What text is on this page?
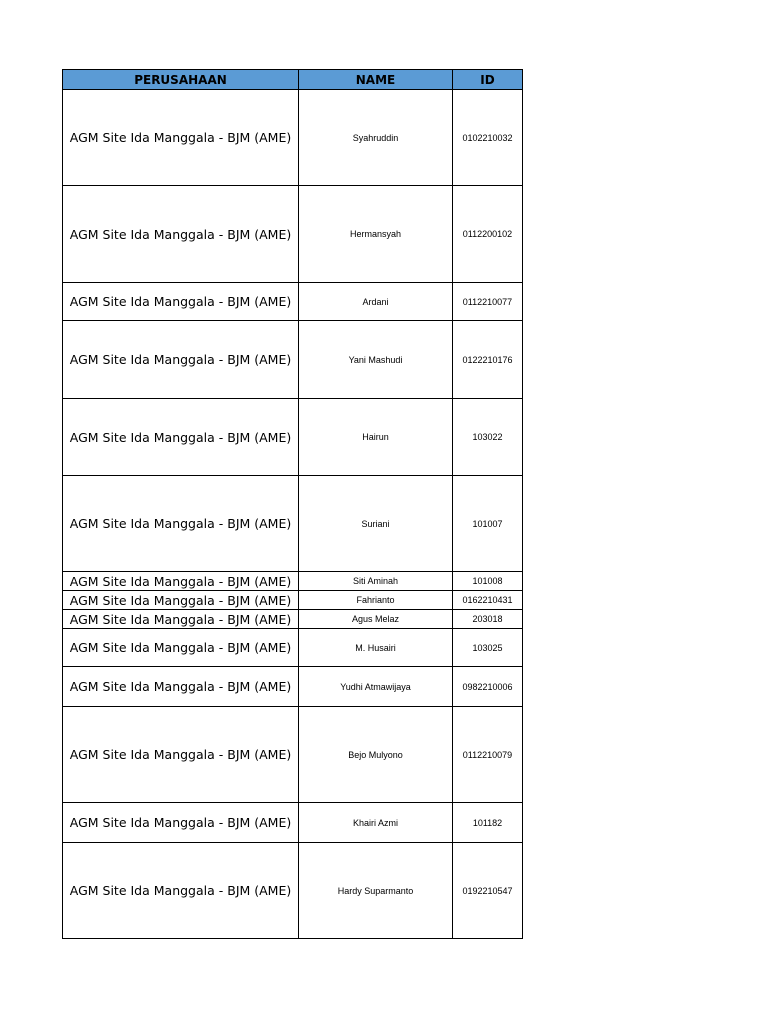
PERUSAHAAN	NAME	ID
AGM Site Ida Manggala - BJM (AME)	Syahruddin	0102210032
AGM Site Ida Manggala - BJM (AME)	Hermansyah	0112200102
AGM Site Ida Manggala - BJM (AME)	Ardani	0112210077
AGM Site Ida Manggala - BJM (AME)	Yani Mashudi	0122210176
AGM Site Ida Manggala - BJM (AME)	Hairun	103022
AGM Site Ida Manggala - BJM (AME)	Suriani	101007
AGM Site Ida Manggala - BJM (AME)	Siti Aminah	101008
AGM Site Ida Manggala - BJM (AME)	Fahrianto	0162210431
AGM Site Ida Manggala - BJM (AME)	Agus Melaz	203018
AGM Site Ida Manggala - BJM (AME)	M. Husairi	103025
AGM Site Ida Manggala - BJM (AME)	Yudhi Atmawijaya	0982210006
AGM Site Ida Manggala - BJM (AME)	Bejo Mulyono	0112210079
AGM Site Ida Manggala - BJM (AME)	Khairi Azmi	101182
AGM Site Ida Manggala - BJM (AME)	Hardy Suparmanto	0192210547
